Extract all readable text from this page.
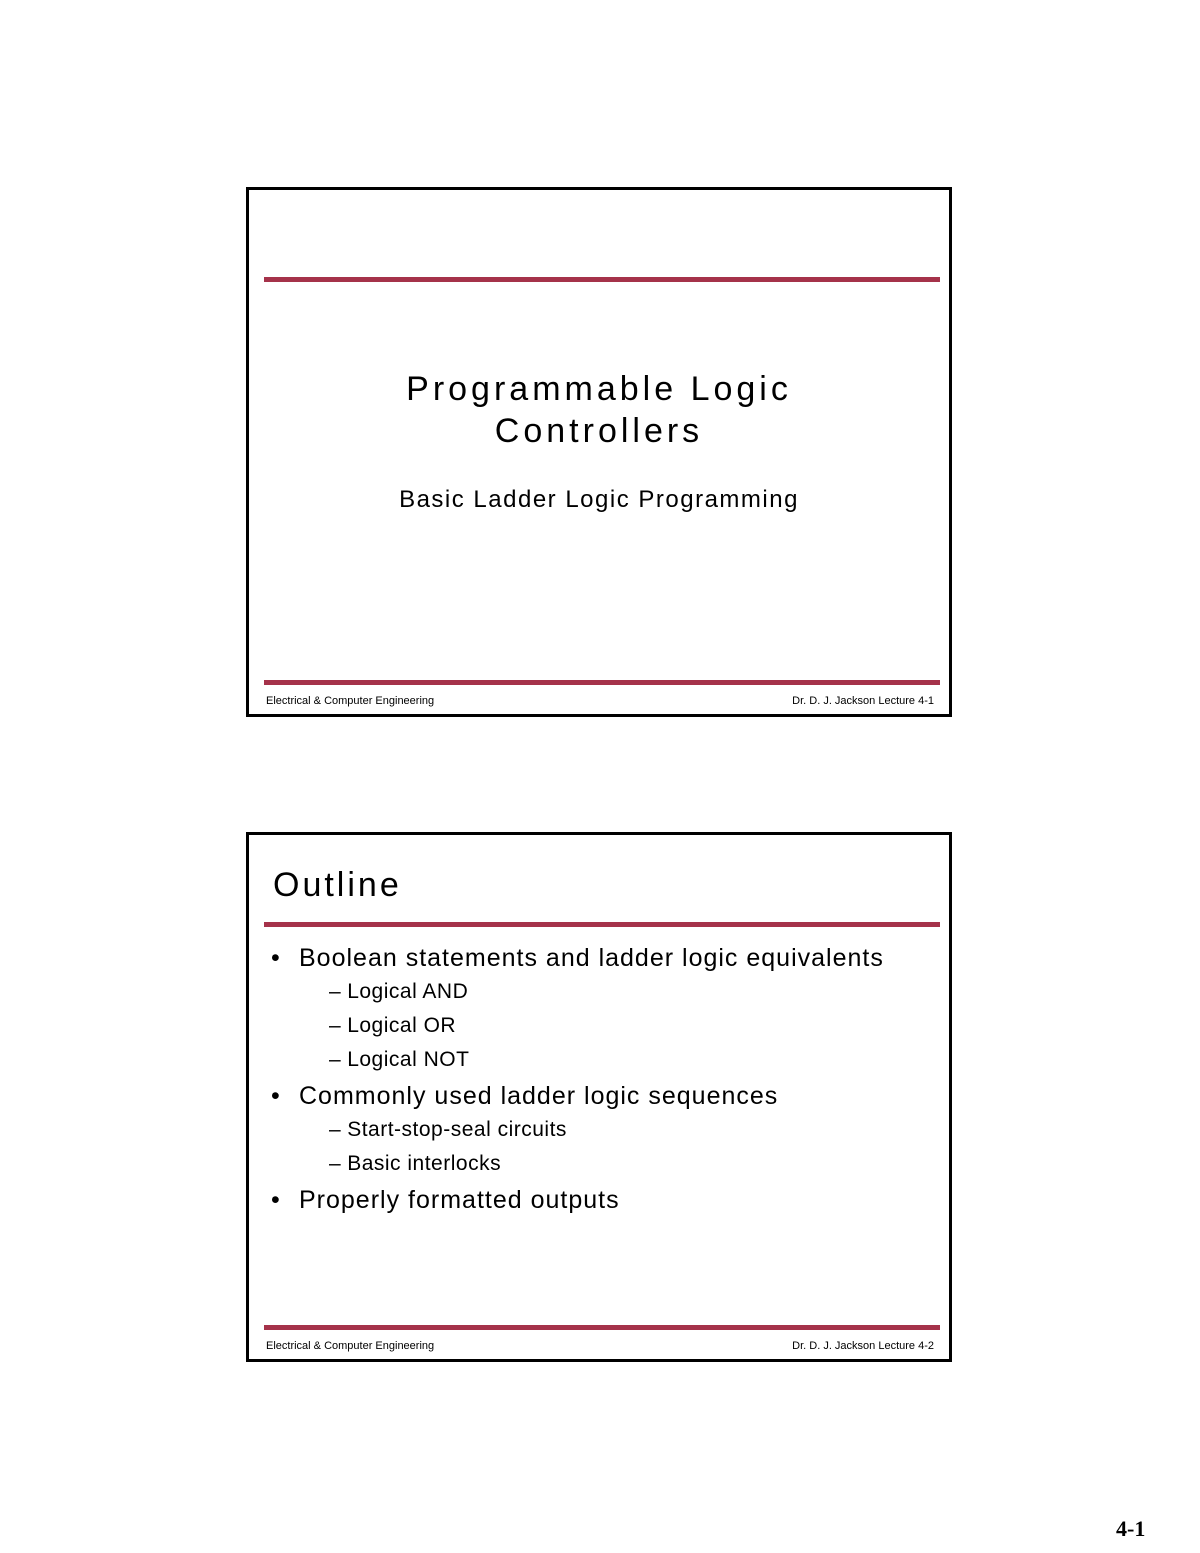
Programmable Logic
Controllers
Basic Ladder Logic Programming
Electrical & Computer Engineering	Dr. D. J. Jackson Lecture 4-1
Outline
• Boolean statements and ladder logic equivalents
– Logical AND
– Logical OR
– Logical NOT
• Commonly used ladder logic sequences
– Start-stop-seal circuits
– Basic interlocks
• Properly formatted outputs
Electrical & Computer Engineering	Dr. D. J. Jackson Lecture 4-2
4-1
